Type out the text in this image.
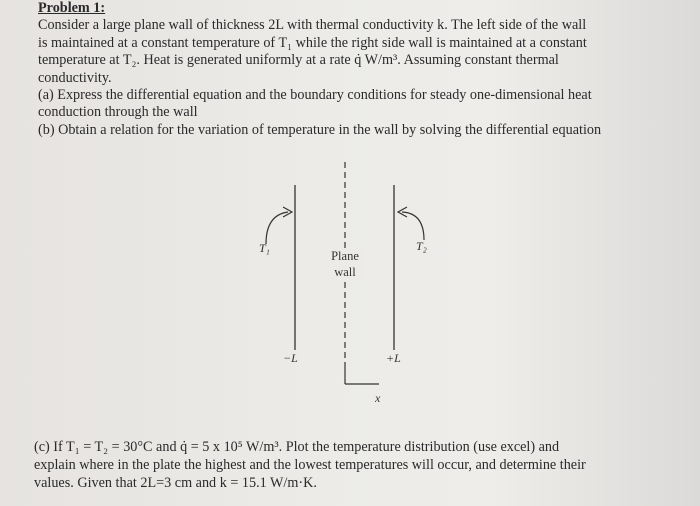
Problem 1:
Consider a large plane wall of thickness 2L with thermal conductivity k. The left side of the wall
is maintained at a constant temperature of T₁ while the right side wall is maintained at a constant
temperature at T₂. Heat is generated uniformly at a rate q̇ W/m³. Assuming constant thermal
conductivity.
(a) Express the differential equation and the boundary conditions for steady one-dimensional heat
conduction through the wall
(b) Obtain a relation for the variation of temperature in the wall by solving the differential equation
T₁	T₂
Plane
wall
−L	+L
x
(c) If T₁ = T₂ = 30°C and q̇ = 5 x 10⁵ W/m³. Plot the temperature distribution (use excel) and
explain where in the plate the highest and the lowest temperatures will occur, and determine their
values. Given that 2L=3 cm and k = 15.1 W/m·K.
